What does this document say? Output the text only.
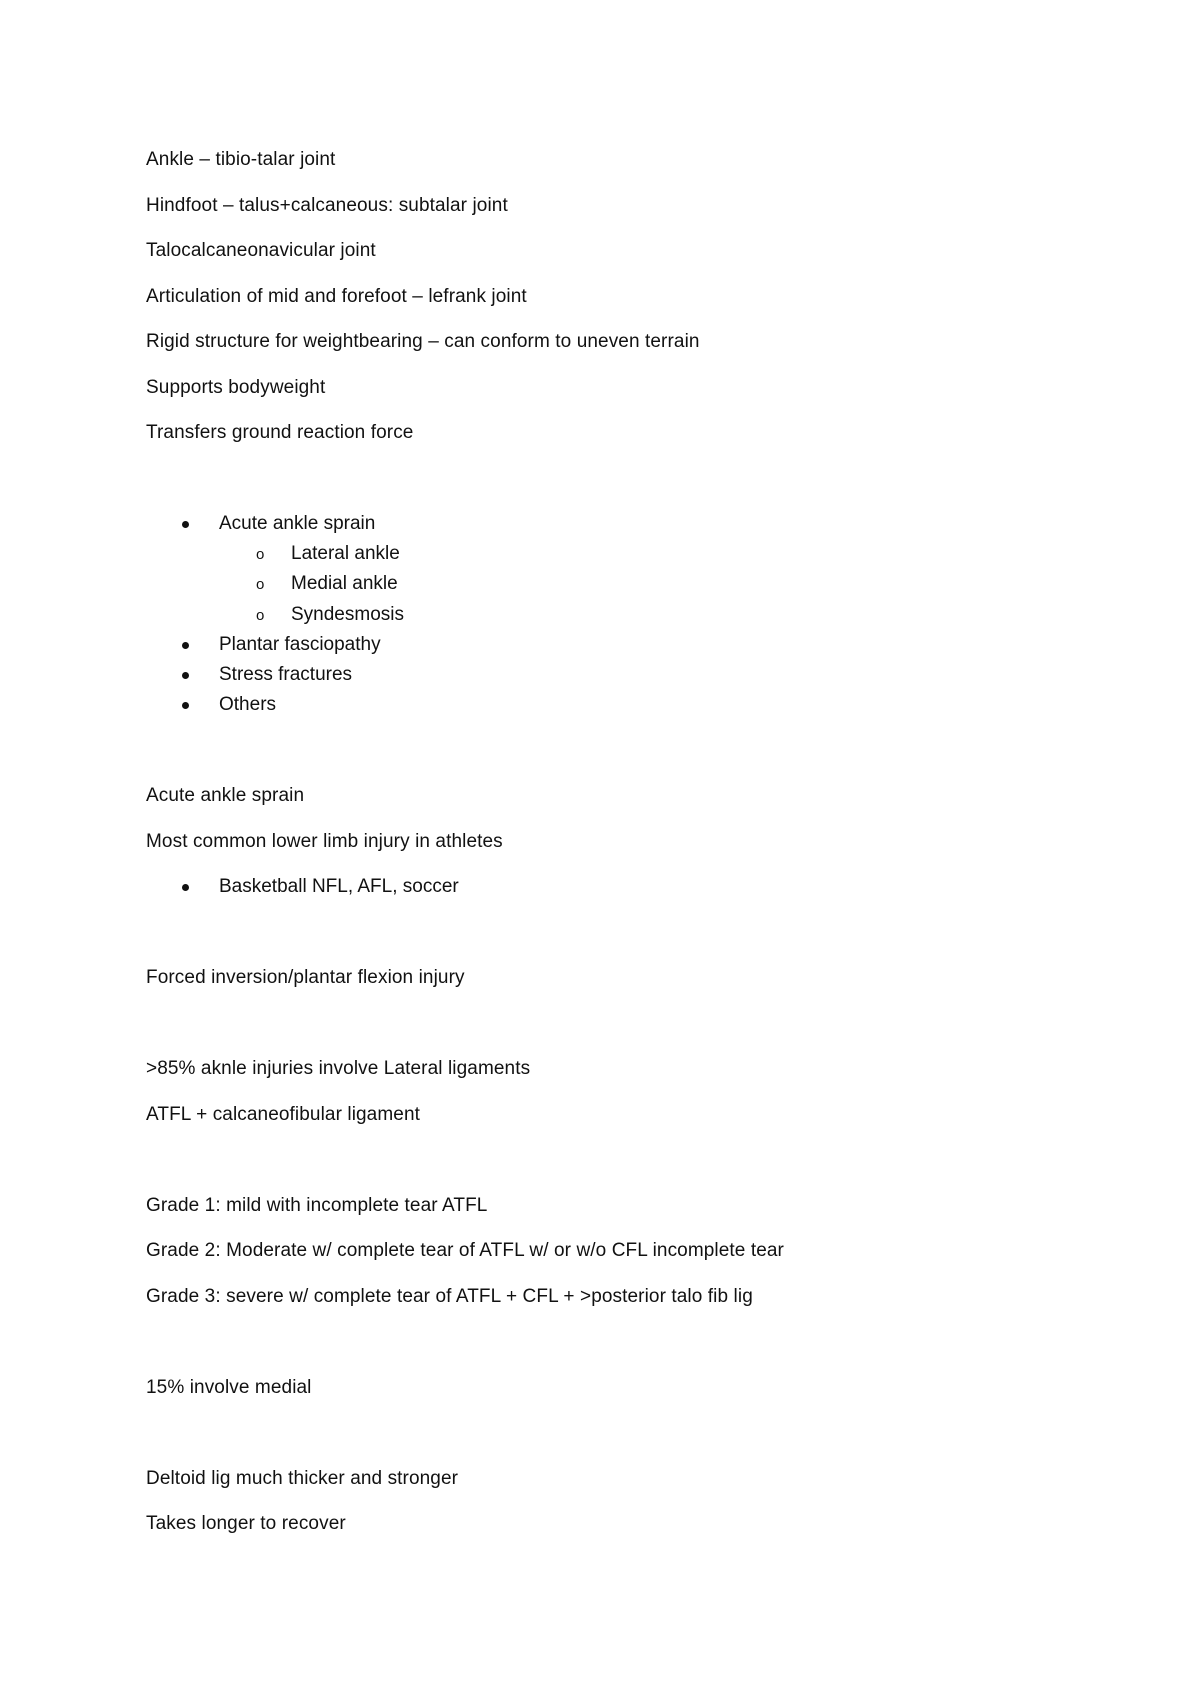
Ankle – tibio-talar joint
Hindfoot – talus+calcaneous: subtalar joint
Talocalcaneonavicular joint
Articulation of mid and forefoot – lefrank joint
Rigid structure for weightbearing – can conform to uneven terrain
Supports bodyweight
Transfers ground reaction force
Acute ankle sprain
o Lateral ankle
o Medial ankle
o Syndesmosis
Plantar fasciopathy
Stress fractures
Others
Acute ankle sprain
Most common lower limb injury in athletes
Basketball NFL, AFL, soccer
Forced inversion/plantar flexion injury
>85% aknle injuries involve Lateral ligaments
ATFL + calcaneofibular ligament
Grade 1: mild with incomplete tear ATFL
Grade 2: Moderate w/ complete tear of ATFL w/ or w/o CFL incomplete tear
Grade 3: severe w/ complete tear of ATFL + CFL + >posterior talo fib lig
15% involve medial
Deltoid lig much thicker and stronger
Takes longer to recover
